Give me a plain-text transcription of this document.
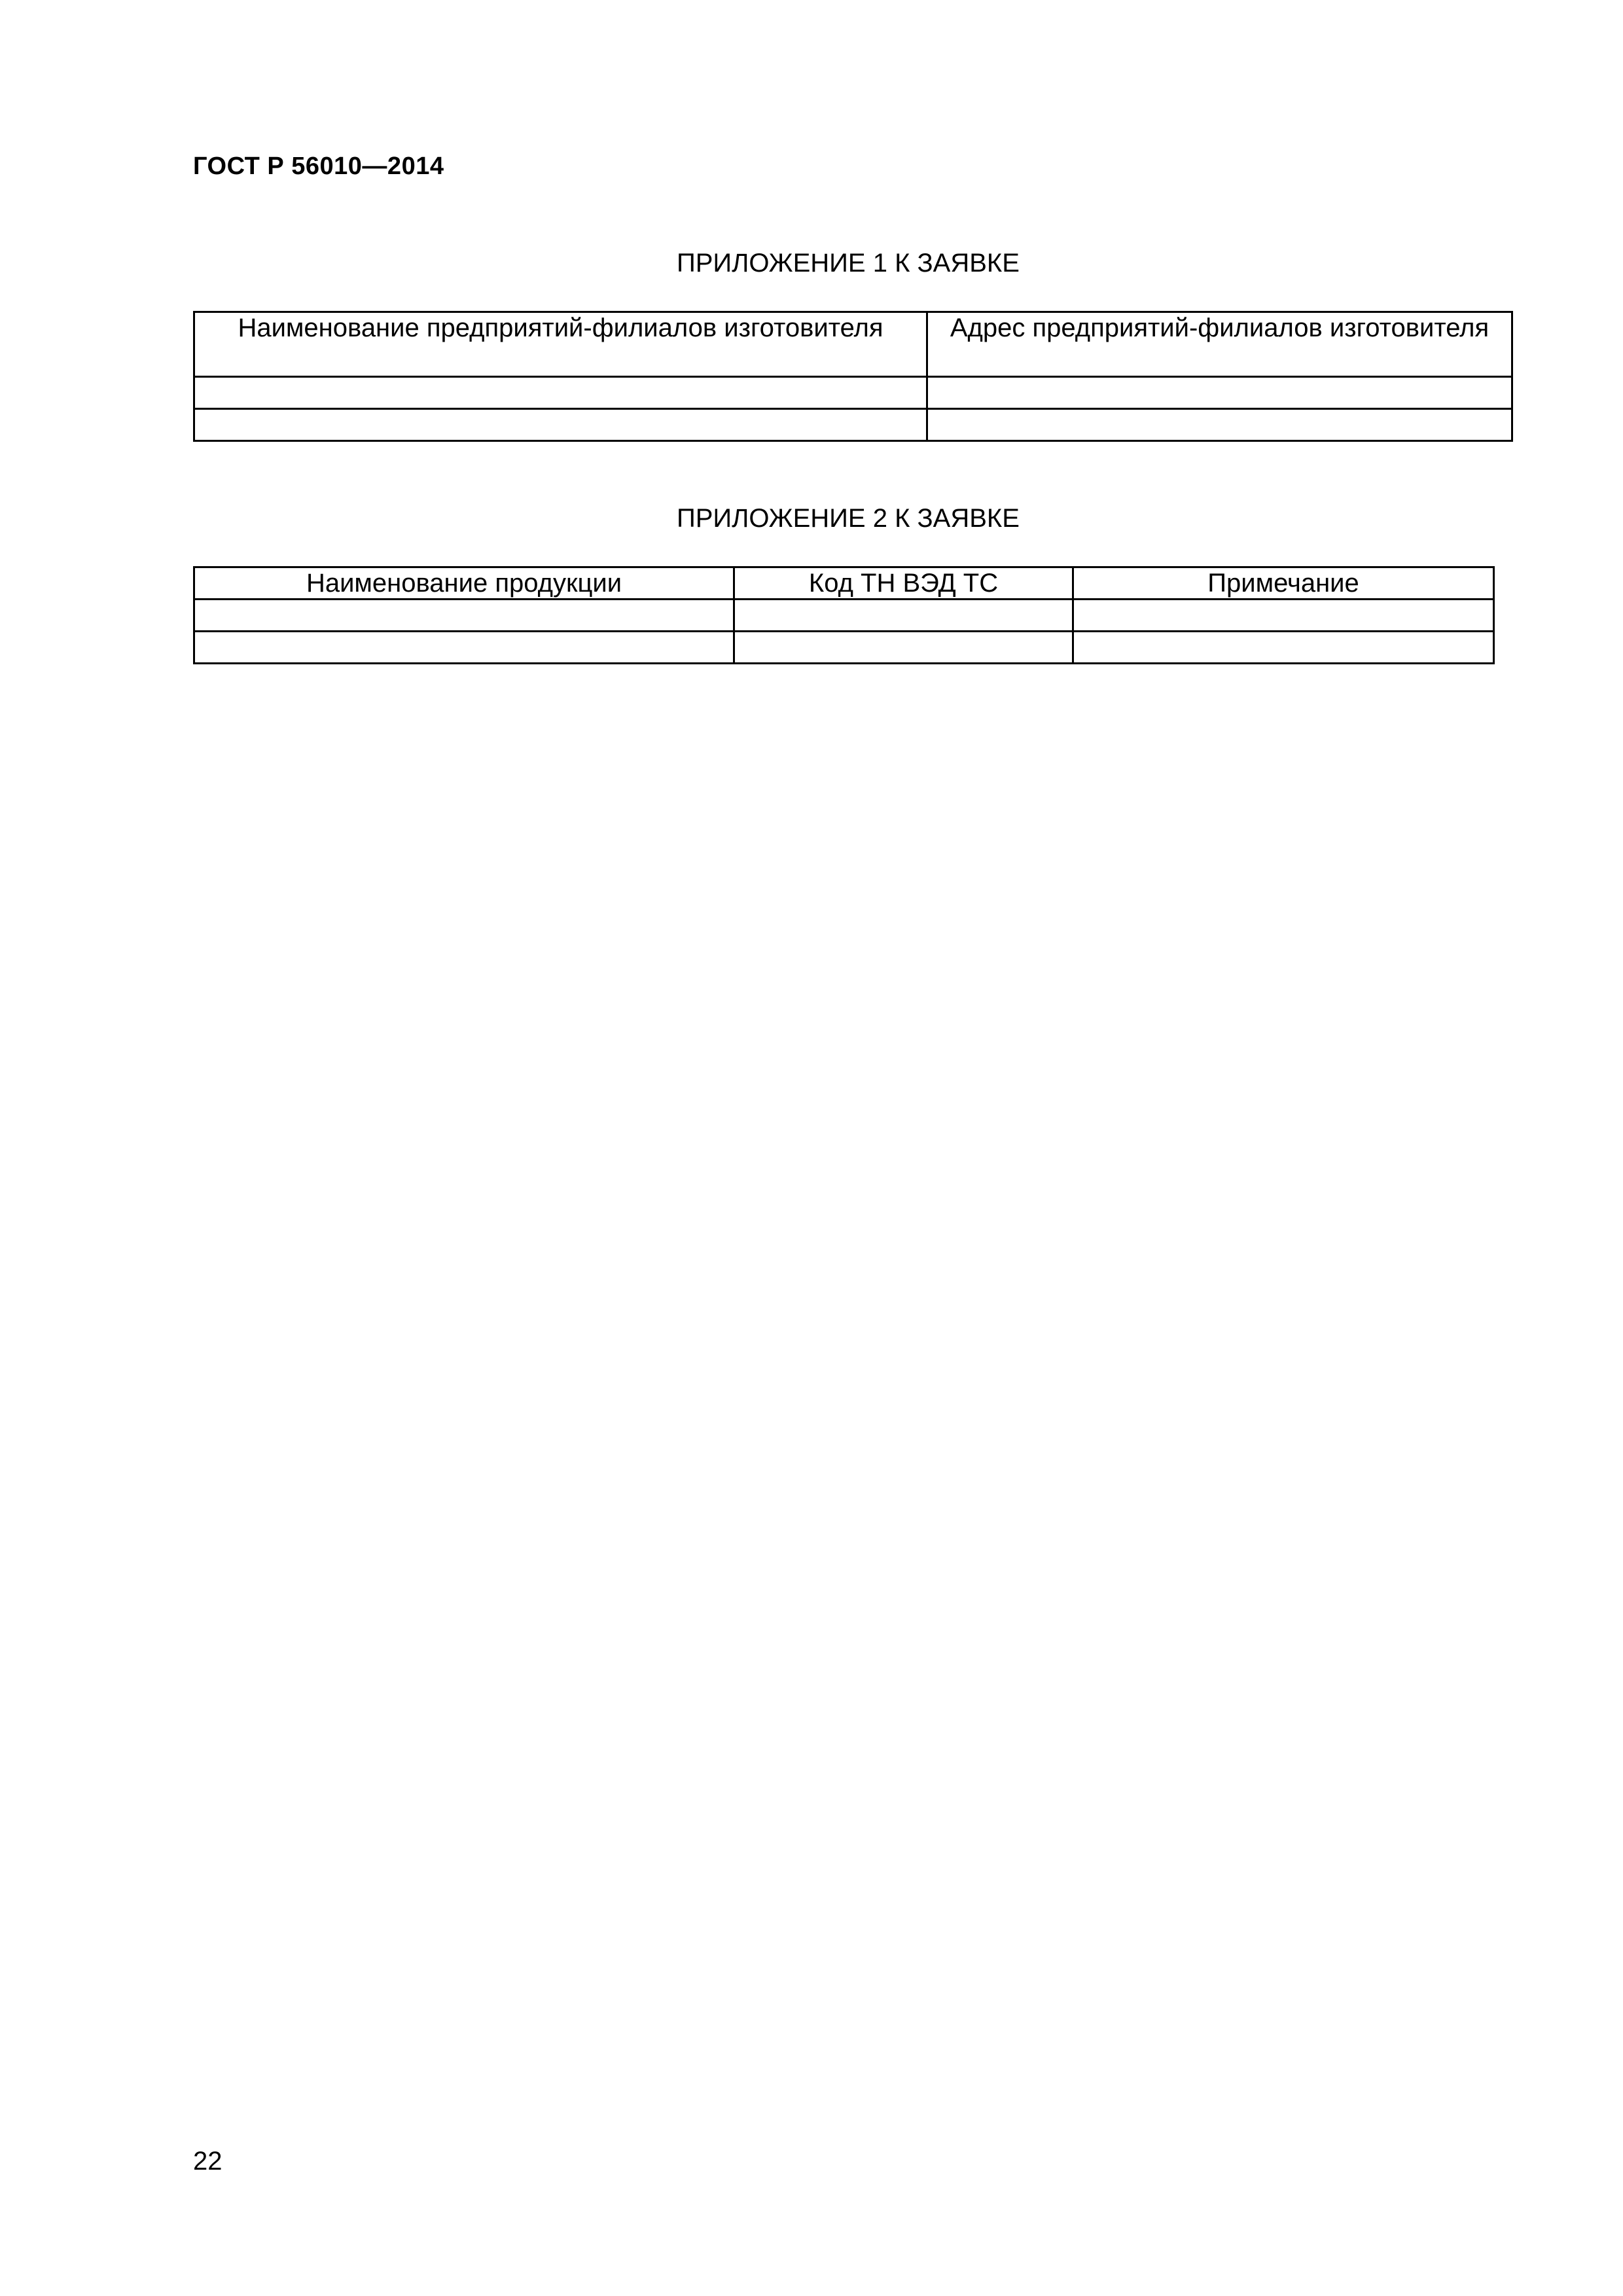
ГОСТ Р 56010—2014
ПРИЛОЖЕНИЕ 1 К ЗАЯВКЕ
Наименование предприятий-филиалов изготовителя	Адрес предприятий-филиалов изготовителя

ПРИЛОЖЕНИЕ 2 К ЗАЯВКЕ
Наименование продукции	Код ТН ВЭД ТС	Примечание

22
